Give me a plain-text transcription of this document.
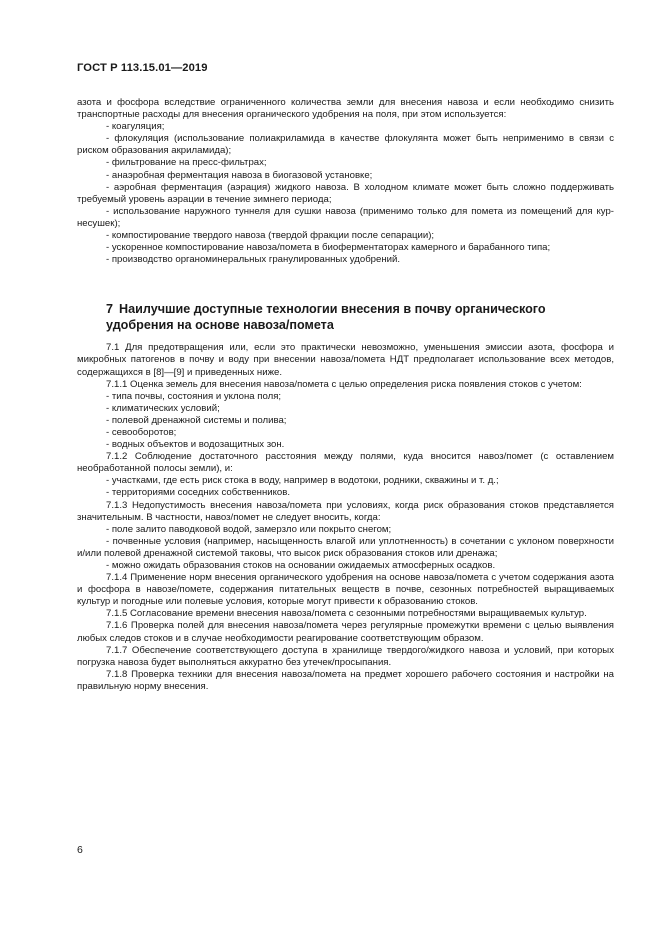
ГОСТ Р 113.15.01—2019

азота и фосфора вследствие ограниченного количества земли для внесения навоза и если необходимо снизить транспортные расходы для внесения органического удобрения на поля, при этом используется:

- коагуляция;

- флокуляция (использование полиакриламида в качестве флокулянта может быть неприменимо в связи с риском образования акриламида);

- фильтрование на пресс-фильтрах;

- анаэробная ферментация навоза в биогазовой установке;

- аэробная ферментация (аэрация) жидкого навоза. В холодном климате может быть сложно поддерживать требуемый уровень аэрации в течение зимнего периода;

- использование наружного туннеля для сушки навоза (применимо только для помета из помещений для кур-несушек);

- компостирование твердого навоза (твердой фракции после сепарации);

- ускоренное компостирование навоза/помета в биоферментаторах камерного и барабанного типа;

- производство органоминеральных гранулированных удобрений.

7 Наилучшие доступные технологии внесения в почву органического
удобрения на основе навоза/помета

7.1 Для предотвращения или, если это практически невозможно, уменьшения эмиссии азота, фосфора и микробных патогенов в почву и воду при внесении навоза/помета НДТ предполагает использование всех методов, содержащихся в [8]—[9] и приведенных ниже.

7.1.1 Оценка земель для внесения навоза/помета с целью определения риска появления стоков с учетом:

- типа почвы, состояния и уклона поля;

- климатических условий;

- полевой дренажной системы и полива;

- севооборотов;

- водных объектов и водозащитных зон.

7.1.2 Соблюдение достаточного расстояния между полями, куда вносится навоз/помет (с оставлением необработанной полосы земли), и:

- участками, где есть риск стока в воду, например в водотоки, родники, скважины и т. д.;

- территориями соседних собственников.

7.1.3 Недопустимость внесения навоза/помета при условиях, когда риск образования стоков представляется значительным. В частности, навоз/помет не следует вносить, когда:

- поле залито паводковой водой, замерзло или покрыто снегом;

- почвенные условия (например, насыщенность влагой или уплотненность) в сочетании с уклоном поверхности и/или полевой дренажной системой таковы, что высок риск образования стоков или дренажа;

- можно ожидать образования стоков на основании ожидаемых атмосферных осадков.

7.1.4 Применение норм внесения органического удобрения на основе навоза/помета с учетом содержания азота и фосфора в навозе/помете, содержания питательных веществ в почве, сезонных потребностей выращиваемых культур и погодные или полевые условия, которые могут привести к образованию стоков.

7.1.5 Согласование времени внесения навоза/помета с сезонными потребностями выращиваемых культур.

7.1.6 Проверка полей для внесения навоза/помета через регулярные промежутки времени с целью выявления любых следов стоков и в случае необходимости реагирование соответствующим образом.

7.1.7 Обеспечение соответствующего доступа в хранилище твердого/жидкого навоза и условий, при которых погрузка навоза будет выполняться аккуратно без утечек/просыпания.

7.1.8 Проверка техники для внесения навоза/помета на предмет хорошего рабочего состояния и настройки на правильную норму внесения.

6
